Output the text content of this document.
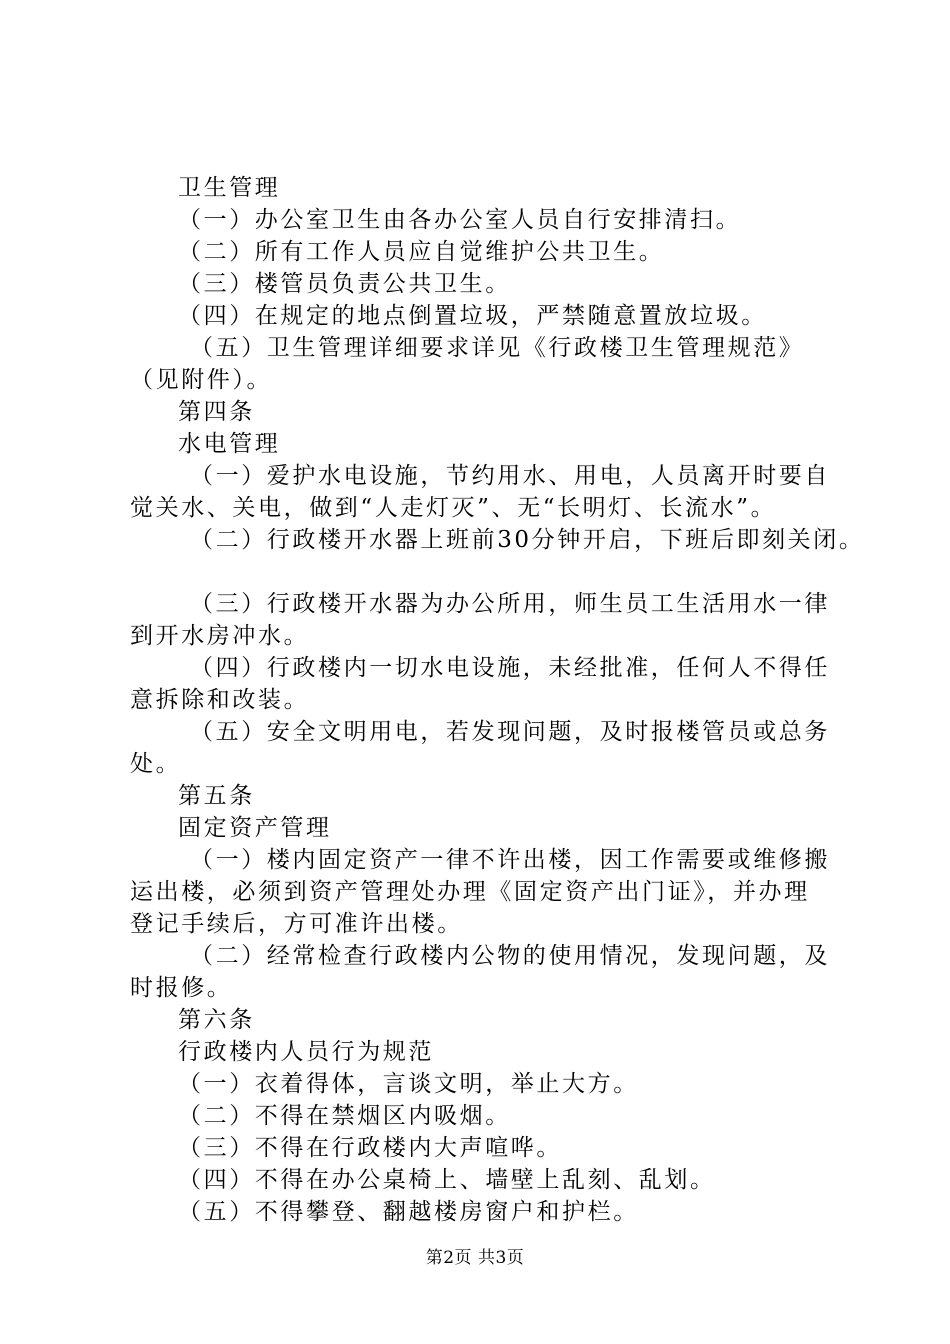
卫生管理
（一）办公室卫生由各办公室人员自行安排清扫。
（二）所有工作人员应自觉维护公共卫生。
（三）楼管员负责公共卫生。
（四）在规定的地点倒置垃圾，严禁随意置放垃圾。
（五）卫生管理详细要求详见《行政楼卫生管理规范》
（见附件）。
第四条
水电管理
（一）爱护水电设施，节约用水、用电，人员离开时要自
觉关水、关电，做到“人走灯灭”、无“长明灯、长流水”。
（二）行政楼开水器上班前30分钟开启，下班后即刻关闭。
（三）行政楼开水器为办公所用，师生员工生活用水一律
到开水房冲水。
（四）行政楼内一切水电设施，未经批准，任何人不得任
意拆除和改装。
（五）安全文明用电，若发现问题，及时报楼管员或总务
处。
第五条
固定资产管理
（一）楼内固定资产一律不许出楼，因工作需要或维修搬
运出楼，必须到资产管理处办理《固定资产出门证》，并办理
登记手续后，方可准许出楼。
（二）经常检查行政楼内公物的使用情况，发现问题，及
时报修。
第六条
行政楼内人员行为规范
（一）衣着得体，言谈文明，举止大方。
（二）不得在禁烟区内吸烟。
（三）不得在行政楼内大声喧哗。
（四）不得在办公桌椅上、墙壁上乱刻、乱划。
（五）不得攀登、翻越楼房窗户和护栏。
第2页 共3页
